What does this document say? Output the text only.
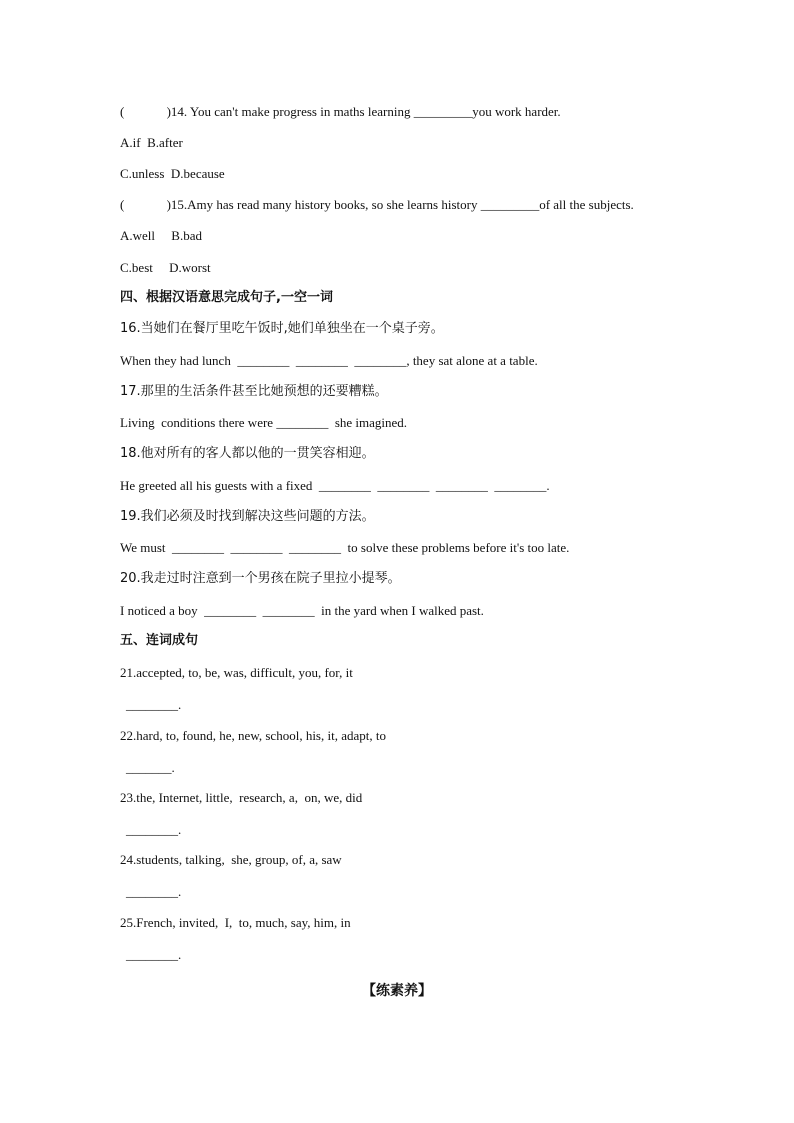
(             )14. You can't make progress in maths learning _________you work harder.
A.if  B.after
C.unless  D.because
(             )15.Amy has read many history books, so she learns history _________of all the subjects.
A.well     B.bad
C.best     D.worst
四、根据汉语意思完成句子,一空一词
16.当她们在餐厅里吃午饭时,她们单独坐在一个桌子旁。
When they had lunch  ________  ________  ________, they sat alone at a table.
17.那里的生活条件甚至比她预想的还要糟糕。
Living  conditions there were ________  she imagined.
18.他对所有的客人都以他的一贯笑容相迎。
He greeted all his guests with a fixed  ________  ________  ________  ________.
19.我们必须及时找到解决这些问题的方法。
We must  ________  ________  ________  to solve these problems before it's too late.
20.我走过时注意到一个男孩在院子里拉小提琴。
I noticed a boy  ________  ________  in the yard when I walked past.
五、连词成句
21.accepted, to, be, was, difficult, you, for, it
________.
22.hard, to, found, he, new, school, his, it, adapt, to
_______.
23.the, Internet, little,  research, a,  on, we, did
________.
24.students, talking,  she, group, of, a, saw
________.
25.French, invited,  I,  to, much, say, him, in
________.
【练素养】
